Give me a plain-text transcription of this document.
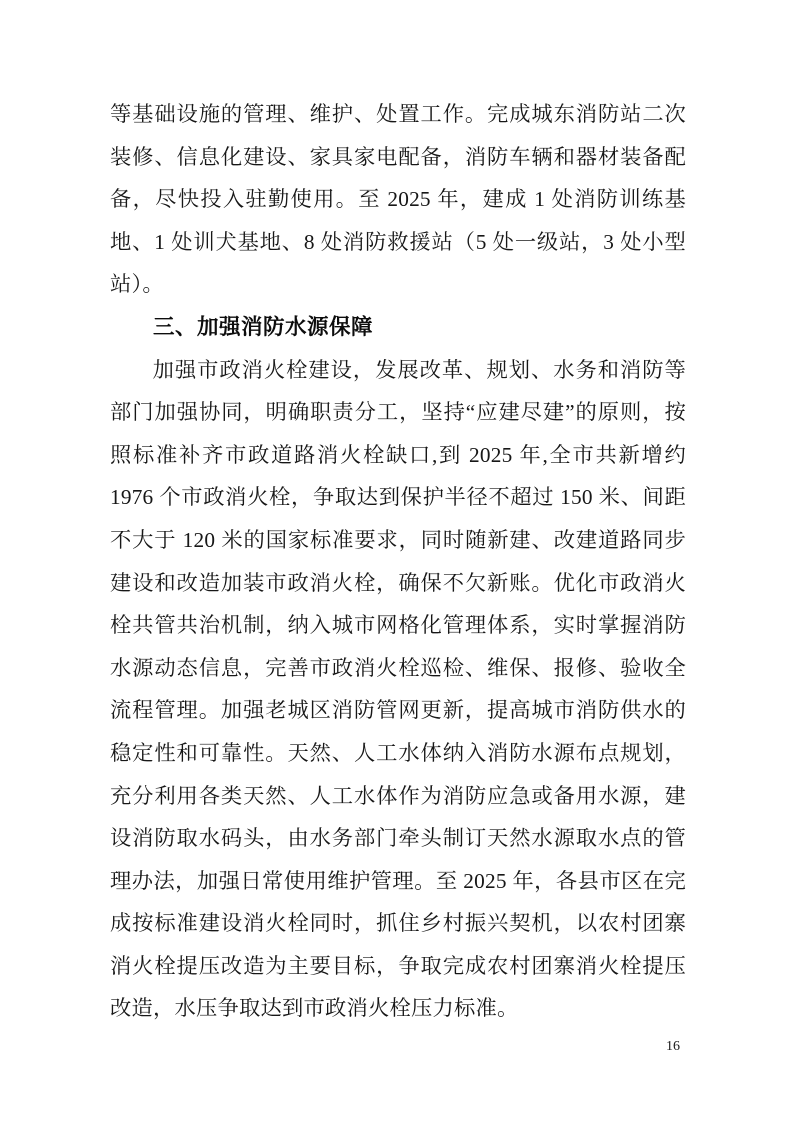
等基础设施的管理、维护、处置工作。完成城东消防站二次装修、信息化建设、家具家电配备，消防车辆和器材装备配备，尽快投入驻勤使用。至 2025 年，建成 1 处消防训练基地、1 处训犬基地、8 处消防救援站（5 处一级站，3 处小型站）。

三、加强消防水源保障

加强市政消火栓建设，发展改革、规划、水务和消防等部门加强协同，明确职责分工，坚持“应建尽建”的原则，按照标准补齐市政道路消火栓缺口,到 2025 年,全市共新增约 1976 个市政消火栓，争取达到保护半径不超过 150 米、间距不大于 120 米的国家标准要求，同时随新建、改建道路同步建设和改造加装市政消火栓，确保不欠新账。优化市政消火栓共管共治机制，纳入城市网格化管理体系，实时掌握消防水源动态信息，完善市政消火栓巡检、维保、报修、验收全流程管理。加强老城区消防管网更新，提高城市消防供水的稳定性和可靠性。天然、人工水体纳入消防水源布点规划，充分利用各类天然、人工水体作为消防应急或备用水源，建设消防取水码头，由水务部门牵头制订天然水源取水点的管理办法，加强日常使用维护管理。至 2025 年，各县市区在完成按标准建设消火栓同时，抓住乡村振兴契机，以农村团寨消火栓提压改造为主要目标，争取完成农村团寨消火栓提压改造，水压争取达到市政消火栓压力标准。

16
